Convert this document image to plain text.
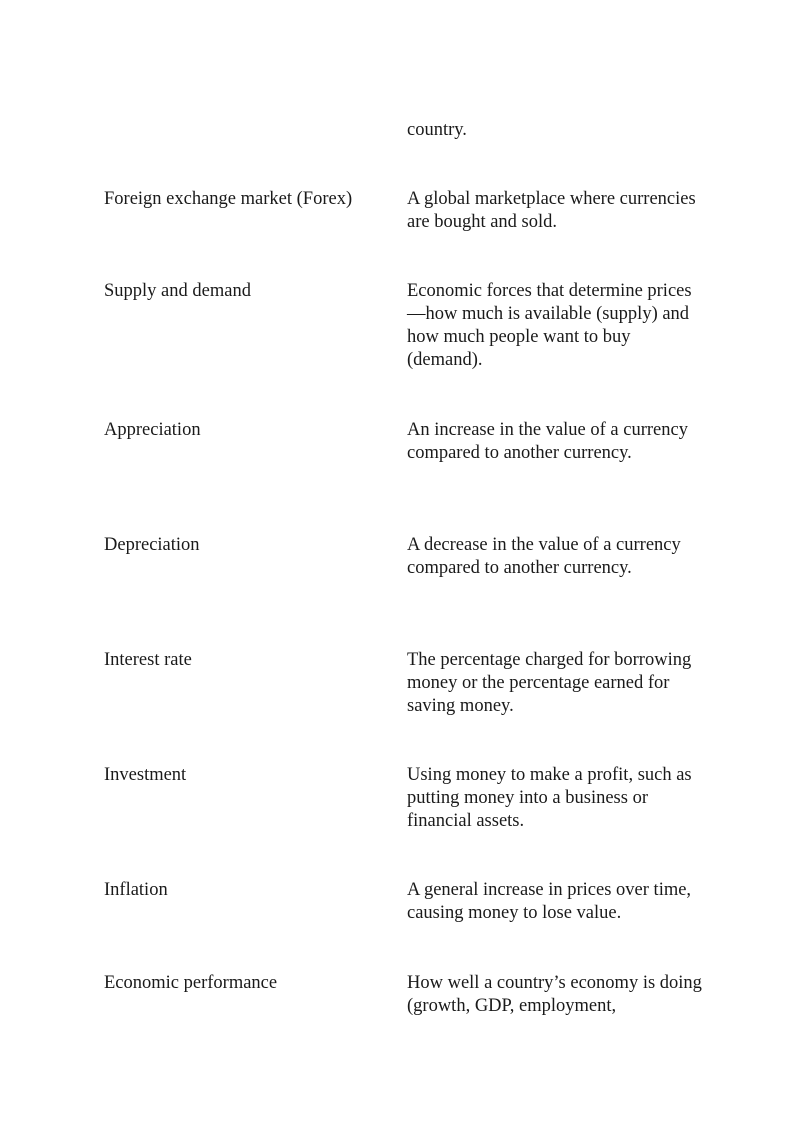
country.
Foreign exchange market (Forex)	A global marketplace where currencies are bought and sold.
Supply and demand	Economic forces that determine prices—how much is available (supply) and how much people want to buy (demand).
Appreciation	An increase in the value of a currency compared to another currency.
Depreciation	A decrease in the value of a currency compared to another currency.
Interest rate	The percentage charged for borrowing money or the percentage earned for saving money.
Investment	Using money to make a profit, such as putting money into a business or financial assets.
Inflation	A general increase in prices over time, causing money to lose value.
Economic performance	How well a country’s economy is doing (growth, GDP, employment,
